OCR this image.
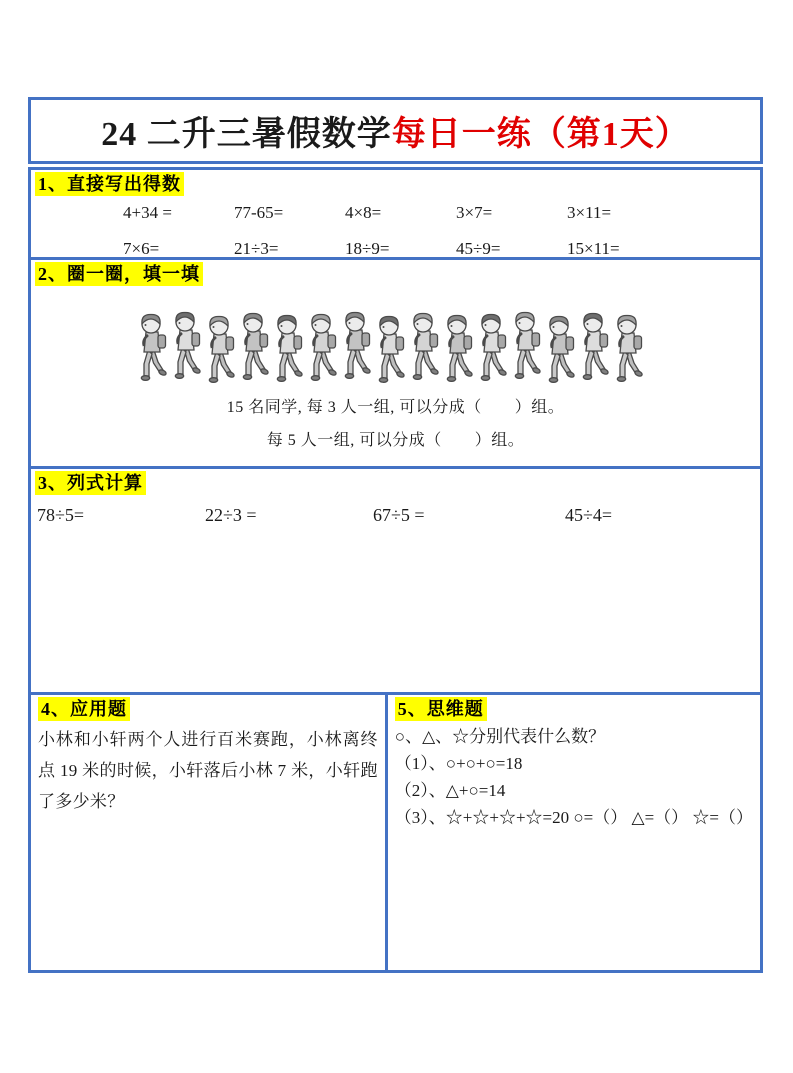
24 二升三暑假数学每日一练（第1天）
1、直接写出得数
4+34 =	77-65=	4×8=	3×7=	3×11=
7×6=	21÷3=	18÷9=	45÷9=	15×11=
2、圈一圈，填一填
15 名同学, 每 3 人一组, 可以分成（　　）组。
每 5 人一组, 可以分成（　　）组。
3、列式计算
78÷5=	22÷3 =	67÷5 =	45÷4=
4、应用题
小林和小轩两个人进行百米赛跑，小林离终点 19 米的时候，小轩落后小林 7 米，小轩跑了多少米？
5、思维题
○、△、☆分别代表什么数？
（1）、○+○+○=18
（2）、△+○=14
（3）、☆+☆+☆+☆=20 ○=（） △=（） ☆=（）
